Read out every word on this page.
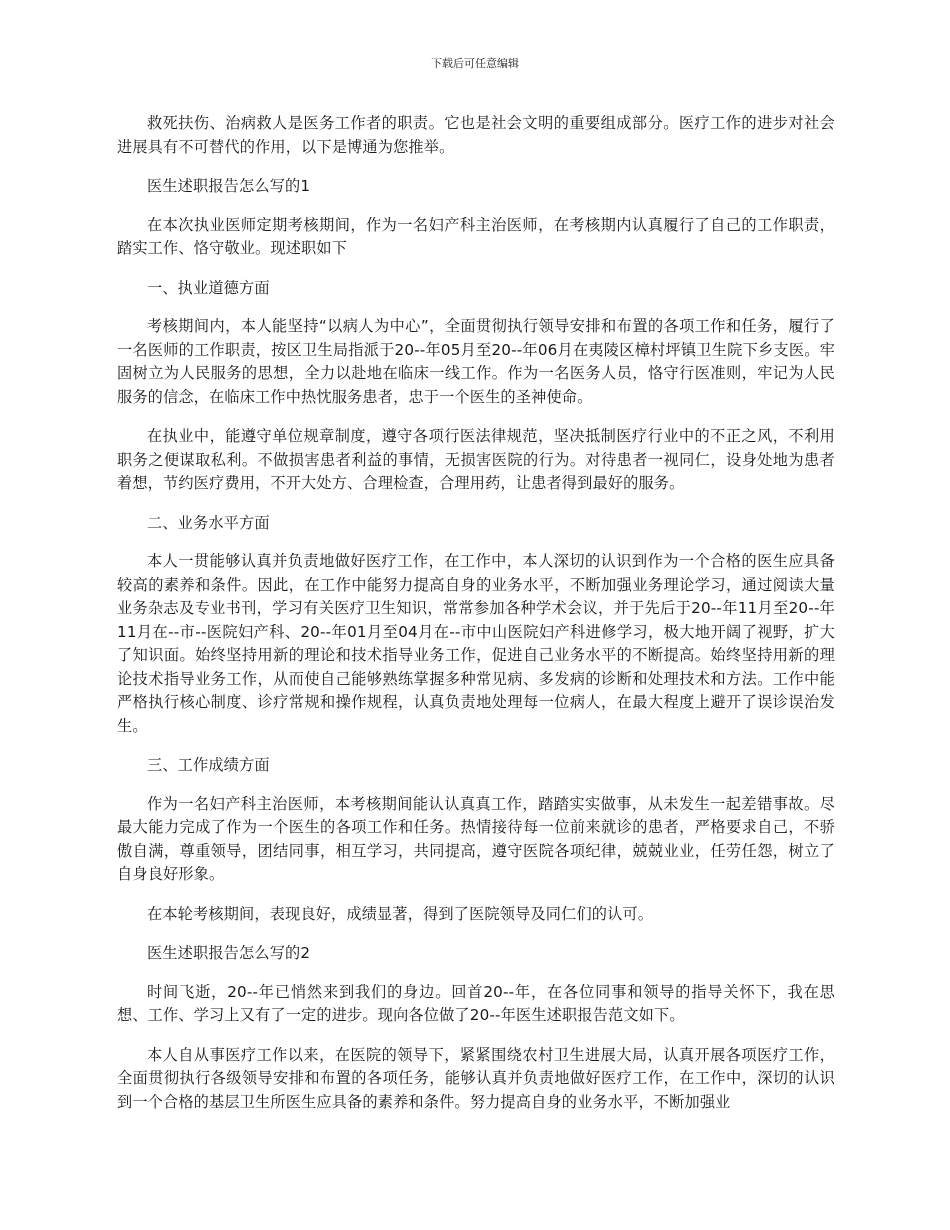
下载后可任意编辑

救死扶伤、治病救人是医务工作者的职责。它也是社会文明的重要组成部分。医疗工作的进步对社会进展具有不可替代的作用，以下是博通为您推举。

医生述职报告怎么写的1

在本次执业医师定期考核期间，作为一名妇产科主治医师，在考核期内认真履行了自己的工作职责，踏实工作、恪守敬业。现述职如下

一、执业道德方面

考核期间内，本人能坚持“以病人为中心”，全面贯彻执行领导安排和布置的各项工作和任务，履行了一名医师的工作职责，按区卫生局指派于20--年05月至20--年06月在夷陵区樟村坪镇卫生院下乡支医。牢固树立为人民服务的思想，全力以赴地在临床一线工作。作为一名医务人员，恪守行医准则，牢记为人民服务的信念，在临床工作中热忱服务患者，忠于一个医生的圣神使命。

在执业中，能遵守单位规章制度，遵守各项行医法律规范，坚决抵制医疗行业中的不正之风，不利用职务之便谋取私利。不做损害患者利益的事情，无损害医院的行为。对待患者一视同仁，设身处地为患者着想，节约医疗费用，不开大处方、合理检查，合理用药，让患者得到最好的服务。

二、业务水平方面

本人一贯能够认真并负责地做好医疗工作，在工作中，本人深切的认识到作为一个合格的医生应具备较高的素养和条件。因此，在工作中能努力提高自身的业务水平，不断加强业务理论学习，通过阅读大量业务杂志及专业书刊，学习有关医疗卫生知识，常常参加各种学术会议，并于先后于20--年11月至20--年11月在--市--医院妇产科、20--年01月至04月在--市中山医院妇产科进修学习，极大地开阔了视野，扩大了知识面。始终坚持用新的理论和技术指导业务工作，促进自己业务水平的不断提高。始终坚持用新的理论技术指导业务工作，从而使自己能够熟练掌握多种常见病、多发病的诊断和处理技术和方法。工作中能严格执行核心制度、诊疗常规和操作规程，认真负责地处理每一位病人，在最大程度上避开了误诊误治发生。

三、工作成绩方面

作为一名妇产科主治医师，本考核期间能认认真真工作，踏踏实实做事，从未发生一起差错事故。尽最大能力完成了作为一个医生的各项工作和任务。热情接待每一位前来就诊的患者，严格要求自己，不骄傲自满，尊重领导，团结同事，相互学习，共同提高，遵守医院各项纪律，兢兢业业，任劳任怨，树立了自身良好形象。

在本轮考核期间，表现良好，成绩显著，得到了医院领导及同仁们的认可。

医生述职报告怎么写的2

时间飞逝，20--年已悄然来到我们的身边。回首20--年，在各位同事和领导的指导关怀下，我在思想、工作、学习上又有了一定的进步。现向各位做了20--年医生述职报告范文如下。

本人自从事医疗工作以来，在医院的领导下，紧紧围绕农村卫生进展大局，认真开展各项医疗工作，全面贯彻执行各级领导安排和布置的各项任务，能够认真并负责地做好医疗工作，在工作中，深切的认识到一个合格的基层卫生所医生应具备的素养和条件。努力提高自身的业务水平，不断加强业
